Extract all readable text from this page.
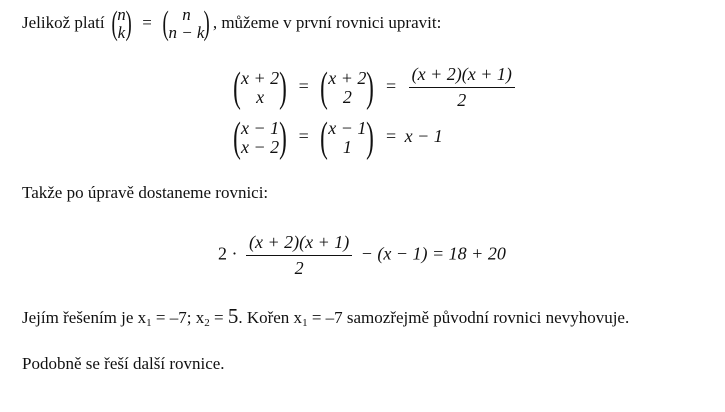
Jelikož platí ( n
k ) = ( n
n − k ) , můžeme v první rovnici upravit:
( x + 2
x ) = ( x + 2
2 ) = $\frac{(x + 2)(x + 1)}{2}$
( x − 1
x − 2 ) = ( x − 1
1 ) = x − 1
Takže po úpravě dostaneme rovnici:
$2 \cdot \frac{(x + 2)(x + 1)}{2} - (x - 1) = 18 + 20$
Jejím řešením je $x_1 = -7$; $x_2 = 5$. Kořen $x_1 = -7$ samozřejmě původní rovnici nevyhovuje.
Podobně se řeší další rovnice.
